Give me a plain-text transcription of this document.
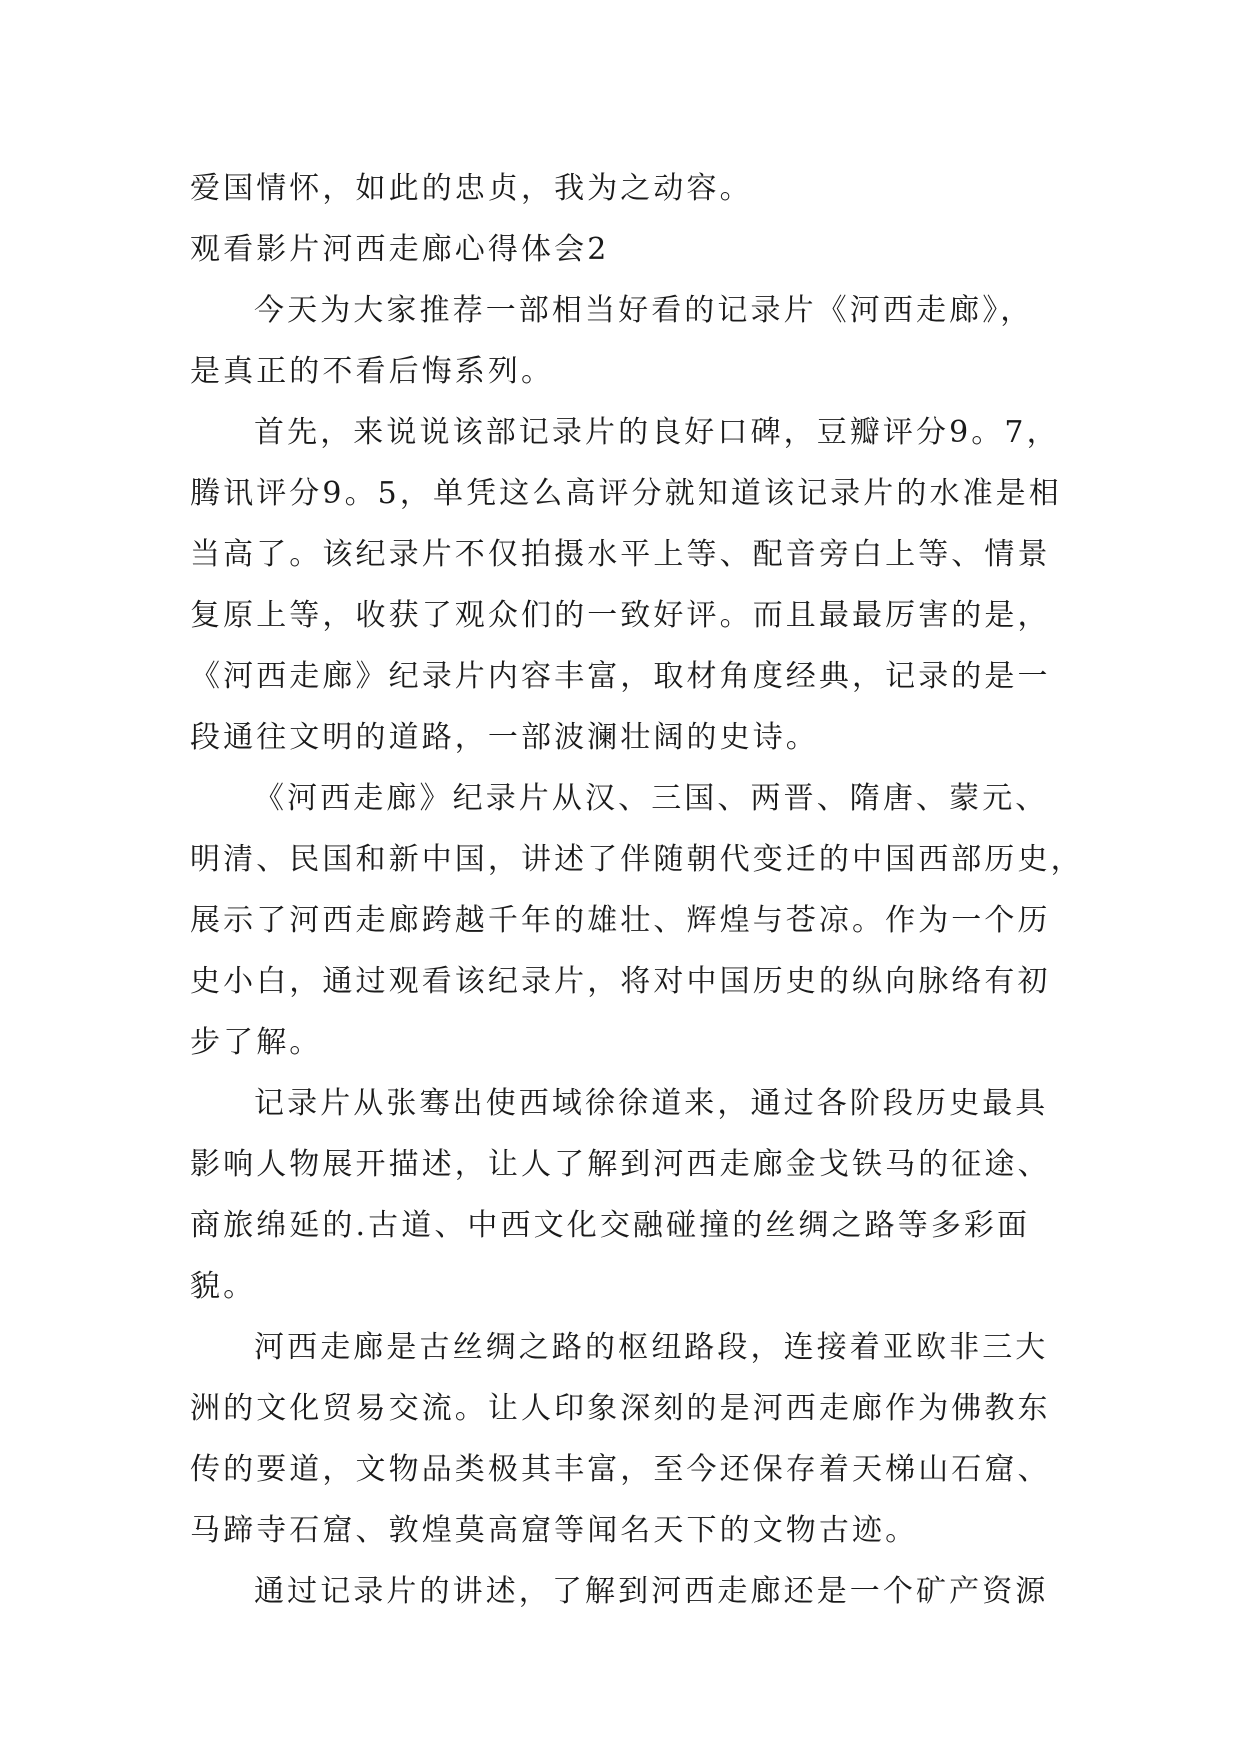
爱国情怀，如此的忠贞，我为之动容。
观看影片河西走廊心得体会2
今天为大家推荐一部相当好看的记录片《河西走廊》，
是真正的不看后悔系列。
首先，来说说该部记录片的良好口碑，豆瓣评分9。7，
腾讯评分9。5，单凭这么高评分就知道该记录片的水准是相
当高了。该纪录片不仅拍摄水平上等、配音旁白上等、情景
复原上等，收获了观众们的一致好评。而且最最厉害的是，
《河西走廊》纪录片内容丰富，取材角度经典，记录的是一
段通往文明的道路，一部波澜壮阔的史诗。
《河西走廊》纪录片从汉、三国、两晋、隋唐、蒙元、
明清、民国和新中国，讲述了伴随朝代变迁的中国西部历史，
展示了河西走廊跨越千年的雄壮、辉煌与苍凉。作为一个历
史小白，通过观看该纪录片，将对中国历史的纵向脉络有初
步了解。
记录片从张骞出使西域徐徐道来，通过各阶段历史最具
影响人物展开描述，让人了解到河西走廊金戈铁马的征途、
商旅绵延的.古道、中西文化交融碰撞的丝绸之路等多彩面
貌。
河西走廊是古丝绸之路的枢纽路段，连接着亚欧非三大
洲的文化贸易交流。让人印象深刻的是河西走廊作为佛教东
传的要道，文物品类极其丰富，至今还保存着天梯山石窟、
马蹄寺石窟、敦煌莫高窟等闻名天下的文物古迹。
通过记录片的讲述，了解到河西走廊还是一个矿产资源
